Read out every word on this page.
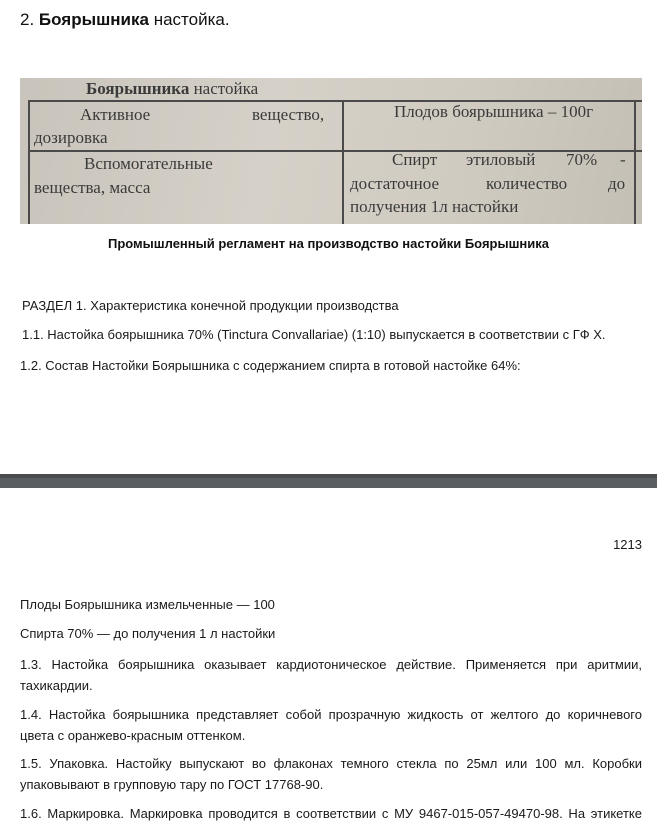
2. Боярышника настойка.
Боярышника настойка
Активное	вещество,
дозировка
Плодов боярышника – 100г
Вспомогательные
вещества, масса
Спирт этиловый 70% -
достаточное	количество до
получения 1л настойки
Промышленный регламент на производство настойки Боярышника
РАЗДЕЛ 1. Характеристика конечной продукции производства
1.1. Настойка боярышника 70% (Tinctura Convallariae) (1:10) выпускается в соответствии с ГФ X.
1.2. Состав Настойки Боярышника с содержанием спирта в готовой настойке 64%:
1213
Плоды Боярышника измельченные — 100
Спирта 70% — до получения 1 л настойки
1.3. Настойка боярышника оказывает кардиотоническое действие. Применяется при аритмии,
тахикардии.
1.4. Настойка боярышника представляет собой прозрачную жидкость от желтого до коричневого
цвета с оранжево-красным оттенком.
1.5. Упаковка. Настойку выпускают во флаконах темного стекла по 25мл или 100 мл. Коробки
упаковывают в групповую тару по ГОСТ 17768-90.
1.6. Маркировка. Маркировка проводится в соответствии с МУ 9467-015-057-49470-98. На этикетке
